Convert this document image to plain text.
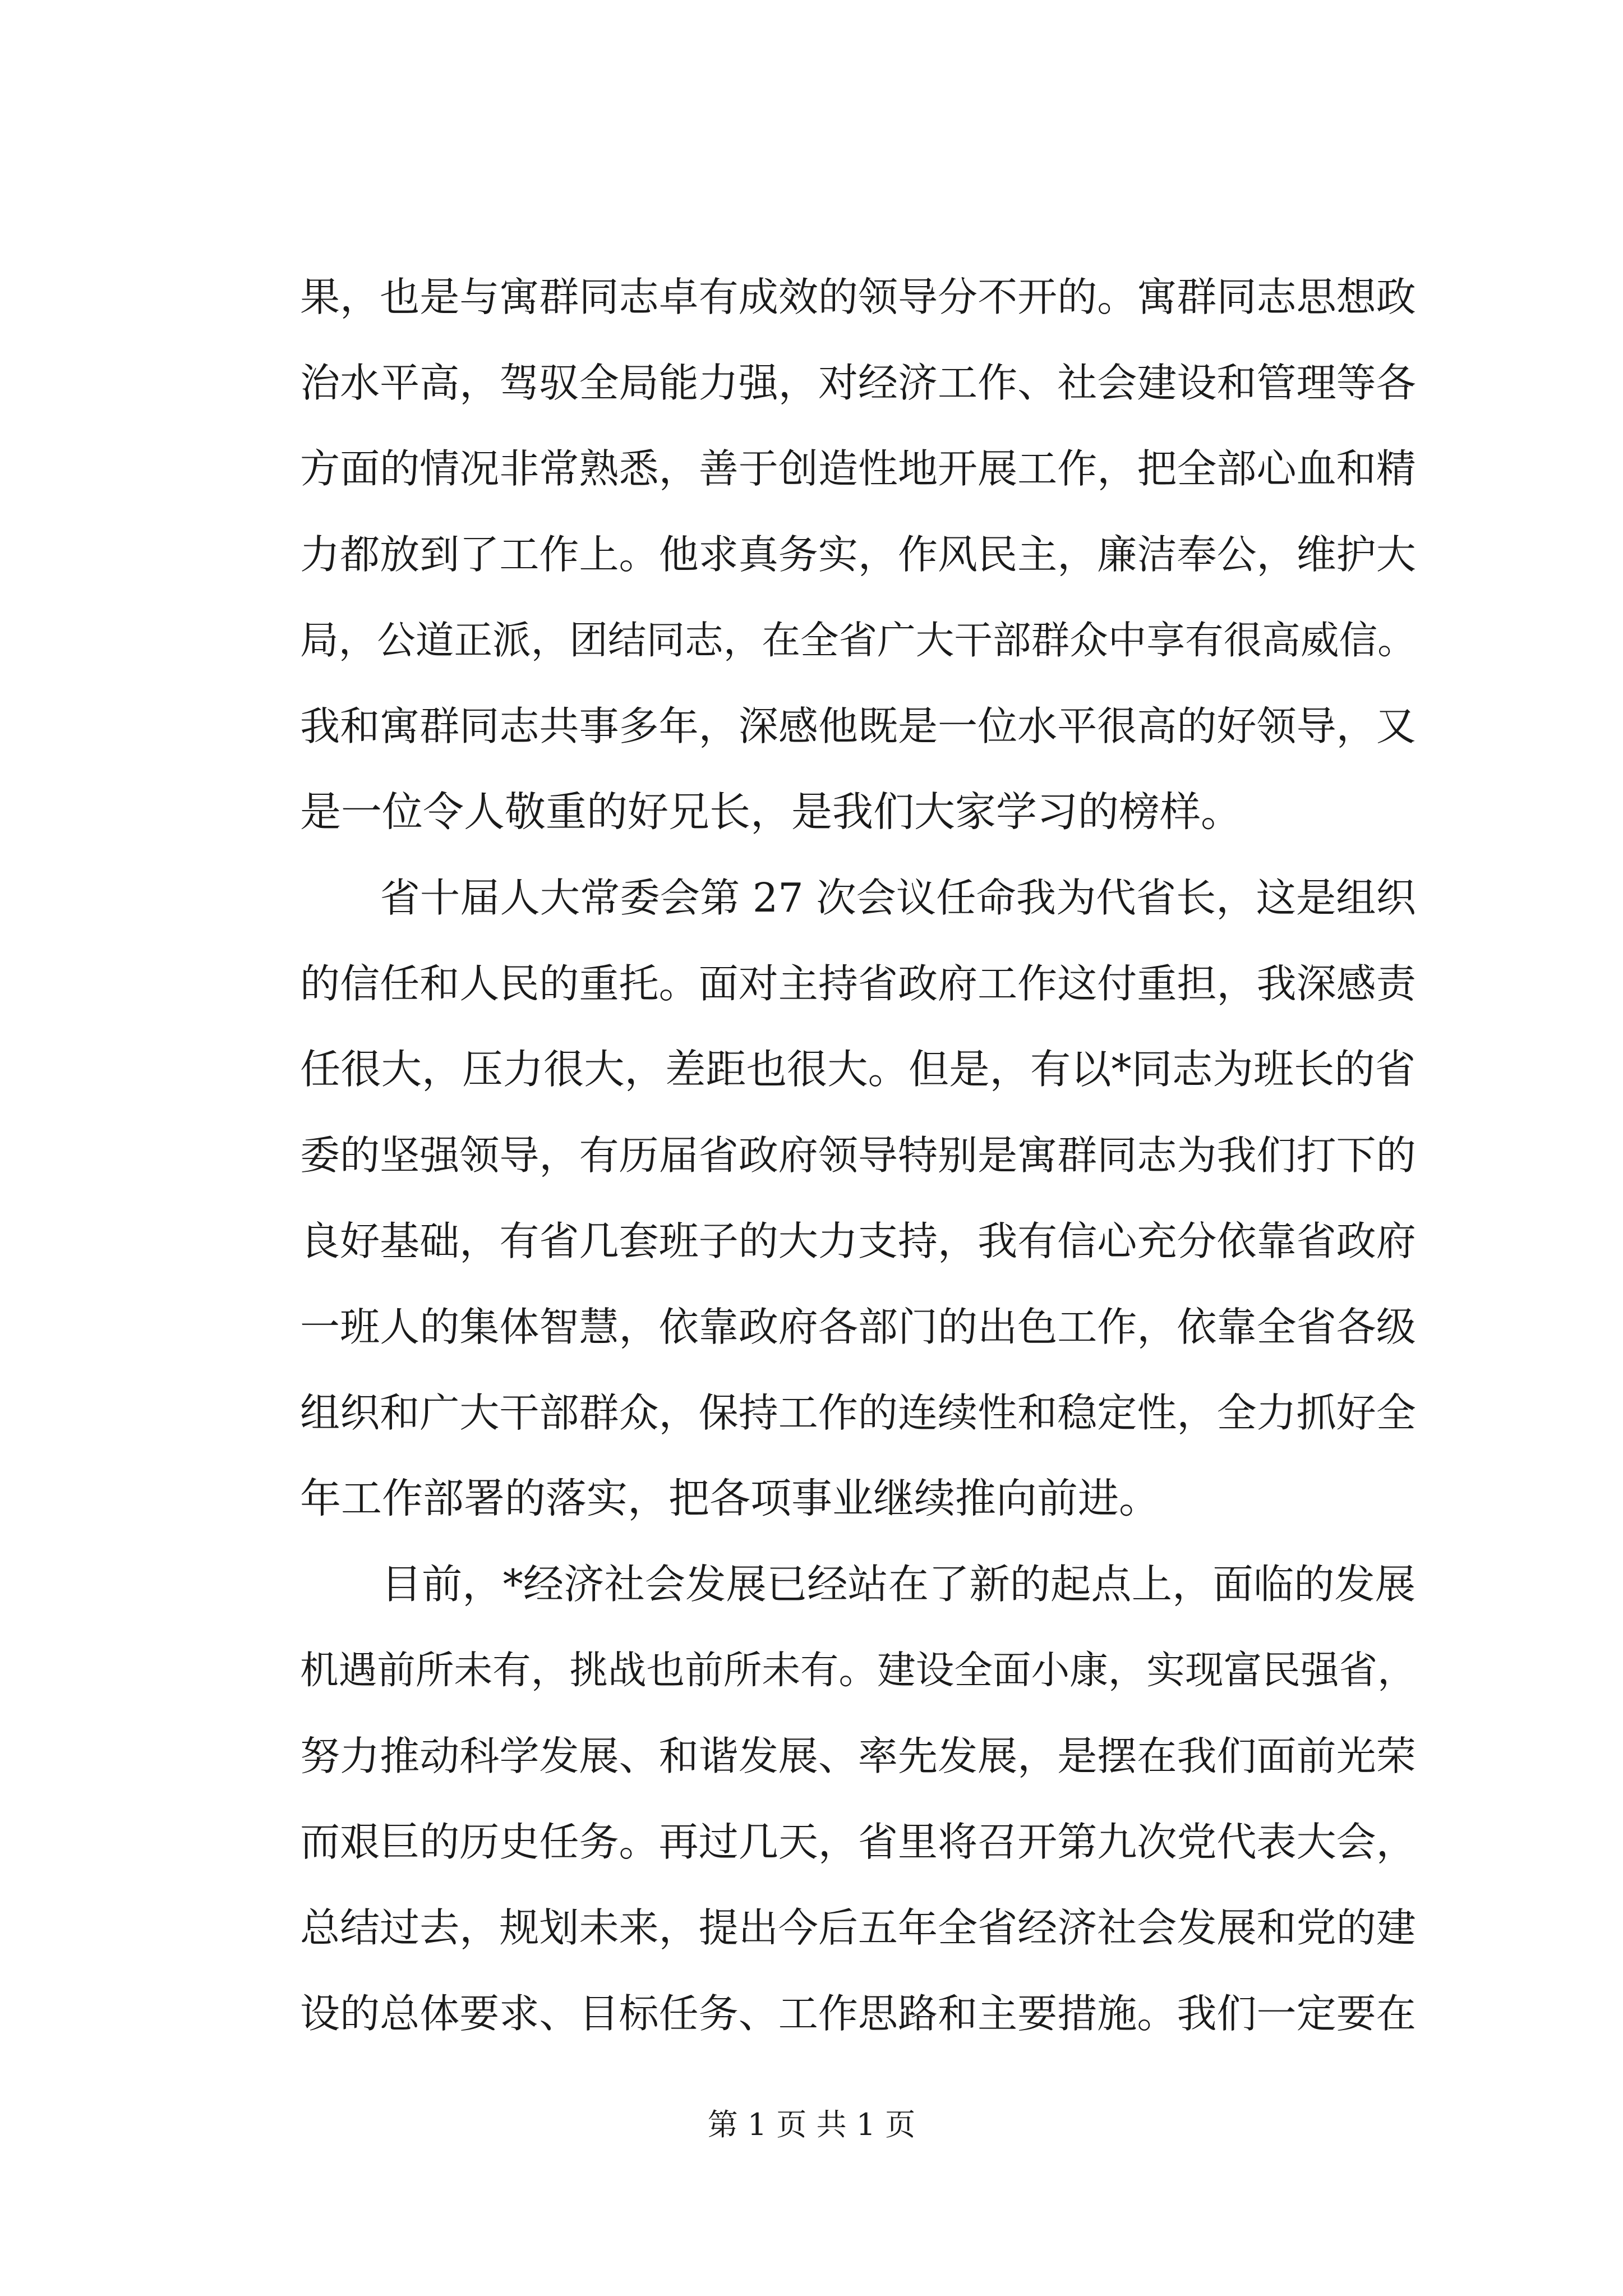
果，也是与寓群同志卓有成效的领导分不开的。寓群同志思想政
治水平高，驾驭全局能力强，对经济工作、社会建设和管理等各
方面的情况非常熟悉，善于创造性地开展工作，把全部心血和精
力都放到了工作上。他求真务实，作风民主，廉洁奉公，维护大
局，公道正派，团结同志，在全省广大干部群众中享有很高威信。
我和寓群同志共事多年，深感他既是一位水平很高的好领导，又
是一位令人敬重的好兄长，是我们大家学习的榜样。
　　省十届人大常委会第 27 次会议任命我为代省长，这是组织
的信任和人民的重托。面对主持省政府工作这付重担，我深感责
任很大，压力很大，差距也很大。但是，有以*同志为班长的省
委的坚强领导，有历届省政府领导特别是寓群同志为我们打下的
良好基础，有省几套班子的大力支持，我有信心充分依靠省政府
一班人的集体智慧，依靠政府各部门的出色工作，依靠全省各级
组织和广大干部群众，保持工作的连续性和稳定性，全力抓好全
年工作部署的落实，把各项事业继续推向前进。
　　目前，*经济社会发展已经站在了新的起点上，面临的发展
机遇前所未有，挑战也前所未有。建设全面小康，实现富民强省，
努力推动科学发展、和谐发展、率先发展，是摆在我们面前光荣
而艰巨的历史任务。再过几天，省里将召开第九次党代表大会，
总结过去，规划未来，提出今后五年全省经济社会发展和党的建
设的总体要求、目标任务、工作思路和主要措施。我们一定要在
第 1 页 共 1 页
